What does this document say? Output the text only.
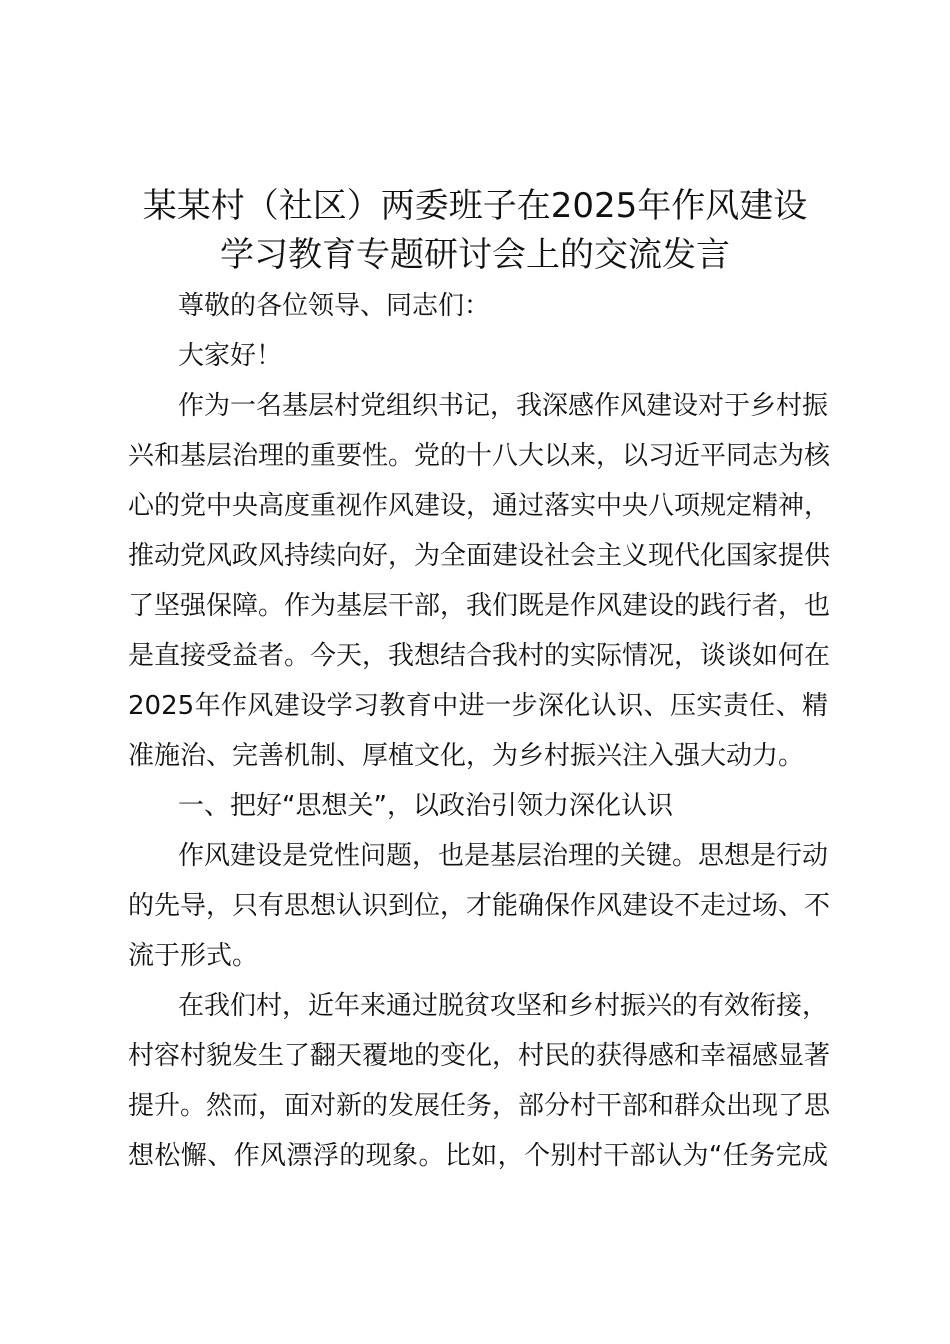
某某村（社区）两委班子在2025年作风建设
学习教育专题研讨会上的交流发言
尊敬的各位领导、同志们：
大家好！
作为一名基层村党组织书记，我深感作风建设对于乡村振
兴和基层治理的重要性。党的十八大以来，以习近平同志为核
心的党中央高度重视作风建设，通过落实中央八项规定精神，
推动党风政风持续向好，为全面建设社会主义现代化国家提供
了坚强保障。作为基层干部，我们既是作风建设的践行者，也
是直接受益者。今天，我想结合我村的实际情况，谈谈如何在
2025年作风建设学习教育中进一步深化认识、压实责任、精
准施治、完善机制、厚植文化，为乡村振兴注入强大动力。
一、把好“思想关”，以政治引领力深化认识
作风建设是党性问题，也是基层治理的关键。思想是行动
的先导，只有思想认识到位，才能确保作风建设不走过场、不
流于形式。
在我们村，近年来通过脱贫攻坚和乡村振兴的有效衔接，
村容村貌发生了翻天覆地的变化，村民的获得感和幸福感显著
提升。然而，面对新的发展任务，部分村干部和群众出现了思
想松懈、作风漂浮的现象。比如，个别村干部认为“任务完成
